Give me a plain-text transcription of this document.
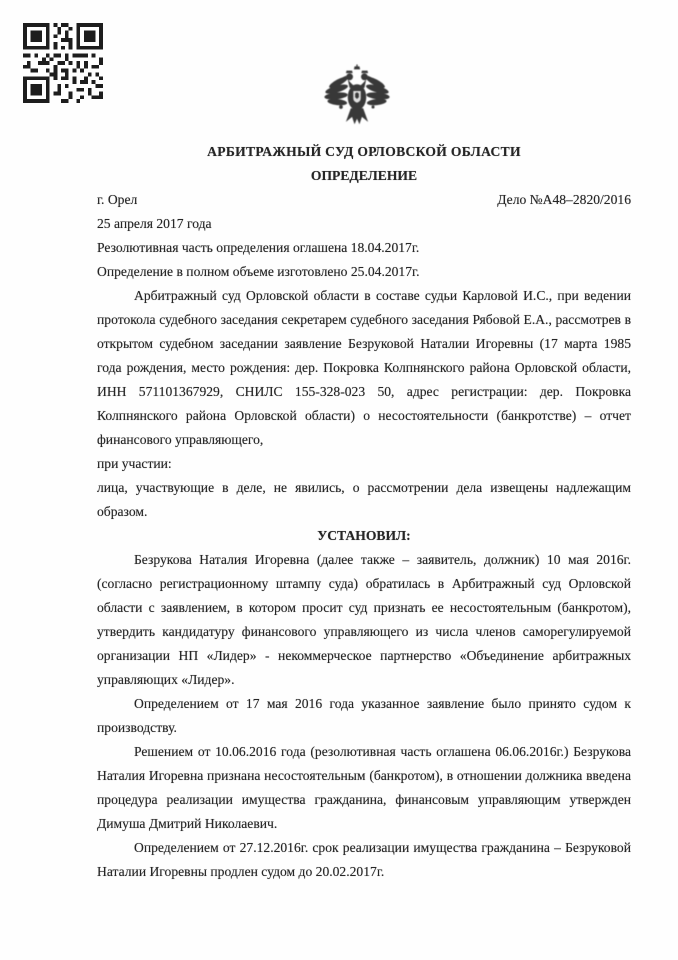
АРБИТРАЖНЫЙ СУД ОРЛОВСКОЙ ОБЛАСТИ
ОПРЕДЕЛЕНИЕ
г. Орел	Дело №А48–2820/2016
25 апреля 2017 года
Резолютивная часть определения оглашена 18.04.2017г.
Определение в полном объеме изготовлено 25.04.2017г.

Арбитражный суд Орловской области в составе судьи Карловой И.С., при ведении протокола судебного заседания секретарем судебного заседания Рябовой Е.А., рассмотрев в открытом судебном заседании заявление Безруковой Наталии Игоревны (17 марта 1985 года рождения, место рождения: дер. Покровка Колпнянского района Орловской области, ИНН 571101367929, СНИЛС 155-328-023 50, адрес регистрации: дер. Покровка Колпнянского района Орловской области) о несостоятельности (банкротстве) – отчет финансового управляющего,

при участии:

лица, участвующие в деле, не явились, о рассмотрении дела извещены надлежащим образом.

УСТАНОВИЛ:

Безрукова Наталия Игоревна (далее также – заявитель, должник) 10 мая 2016г. (согласно регистрационному штампу суда) обратилась в Арбитражный суд Орловской области с заявлением, в котором просит суд признать ее несостоятельным (банкротом), утвердить кандидатуру финансового управляющего из числа членов саморегулируемой организации НП «Лидер» - некоммерческое партнерство «Объединение арбитражных управляющих «Лидер».

Определением от 17 мая 2016 года указанное заявление было принято судом к производству.

Решением от 10.06.2016 года (резолютивная часть оглашена 06.06.2016г.) Безрукова Наталия Игоревна признана несостоятельным (банкротом), в отношении должника введена процедура реализации имущества гражданина, финансовым управляющим утвержден Димуша Дмитрий Николаевич.

Определением от 27.12.2016г. срок реализации имущества гражданина – Безруковой Наталии Игоревны продлен судом до 20.02.2017г.
